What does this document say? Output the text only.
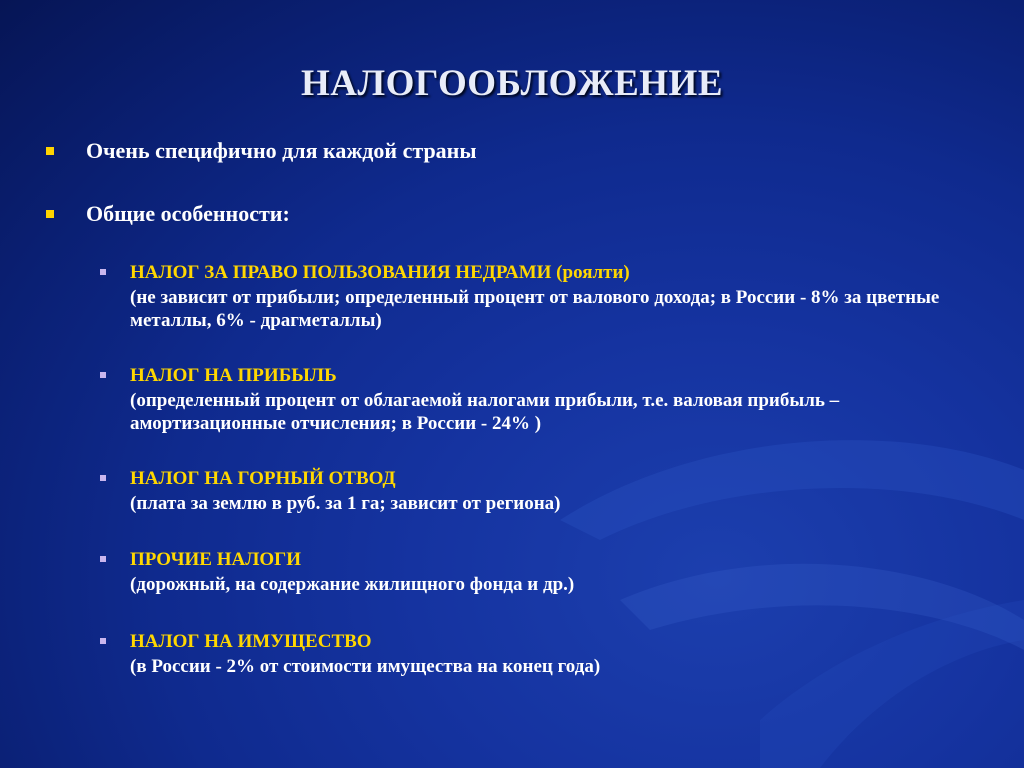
НАЛОГООБЛОЖЕНИЕ
Очень специфично для каждой страны
Общие особенности:
НАЛОГ ЗА ПРАВО ПОЛЬЗОВАНИЯ НЕДРАМИ (роялти)
(не зависит от прибыли; определенный процент от валового дохода; в России - 8% за цветные металлы, 6% - драгметаллы)
НАЛОГ НА ПРИБЫЛЬ
(определенный процент от облагаемой налогами прибыли, т.е. валовая прибыль – амортизационные отчисления; в России - 24% )
НАЛОГ НА ГОРНЫЙ ОТВОД
(плата за землю в руб. за 1 га; зависит от региона)
ПРОЧИЕ НАЛОГИ
(дорожный, на содержание жилищного фонда и др.)
НАЛОГ НА ИМУЩЕСТВО
(в России - 2% от стоимости имущества на конец года)
